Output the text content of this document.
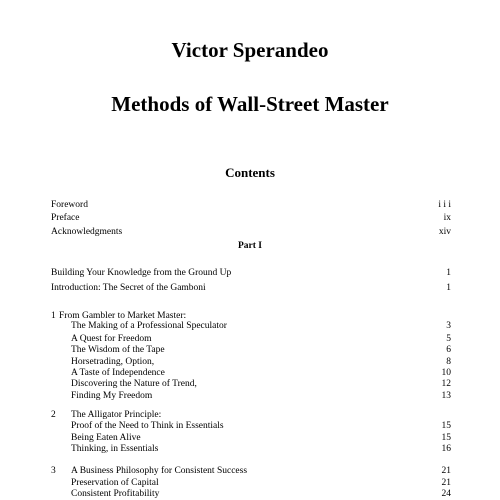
Victor Sperandeo
Methods of Wall-Street Master
Contents
Foreword	i i i
Preface	ix
Acknowledgments	xiv
Part I
Building Your Knowledge from the Ground Up	1
Introduction: The Secret of the Gamboni	1
1 From Gambler to Market Master:
The Making of a Professional Speculator	3
A Quest for Freedom	5
The Wisdom of the Tape	6
Horsetrading, Option,	8
A Taste of Independence	10
Discovering the Nature of Trend,	12
Finding My Freedom	13
2 The Alligator Principle:
Proof of the Need to Think in Essentials	15
Being Eaten Alive	15
Thinking, in Essentials	16
3 A Business Philosophy for Consistent Success	21
Preservation of Capital	21
Consistent Profitability	24
